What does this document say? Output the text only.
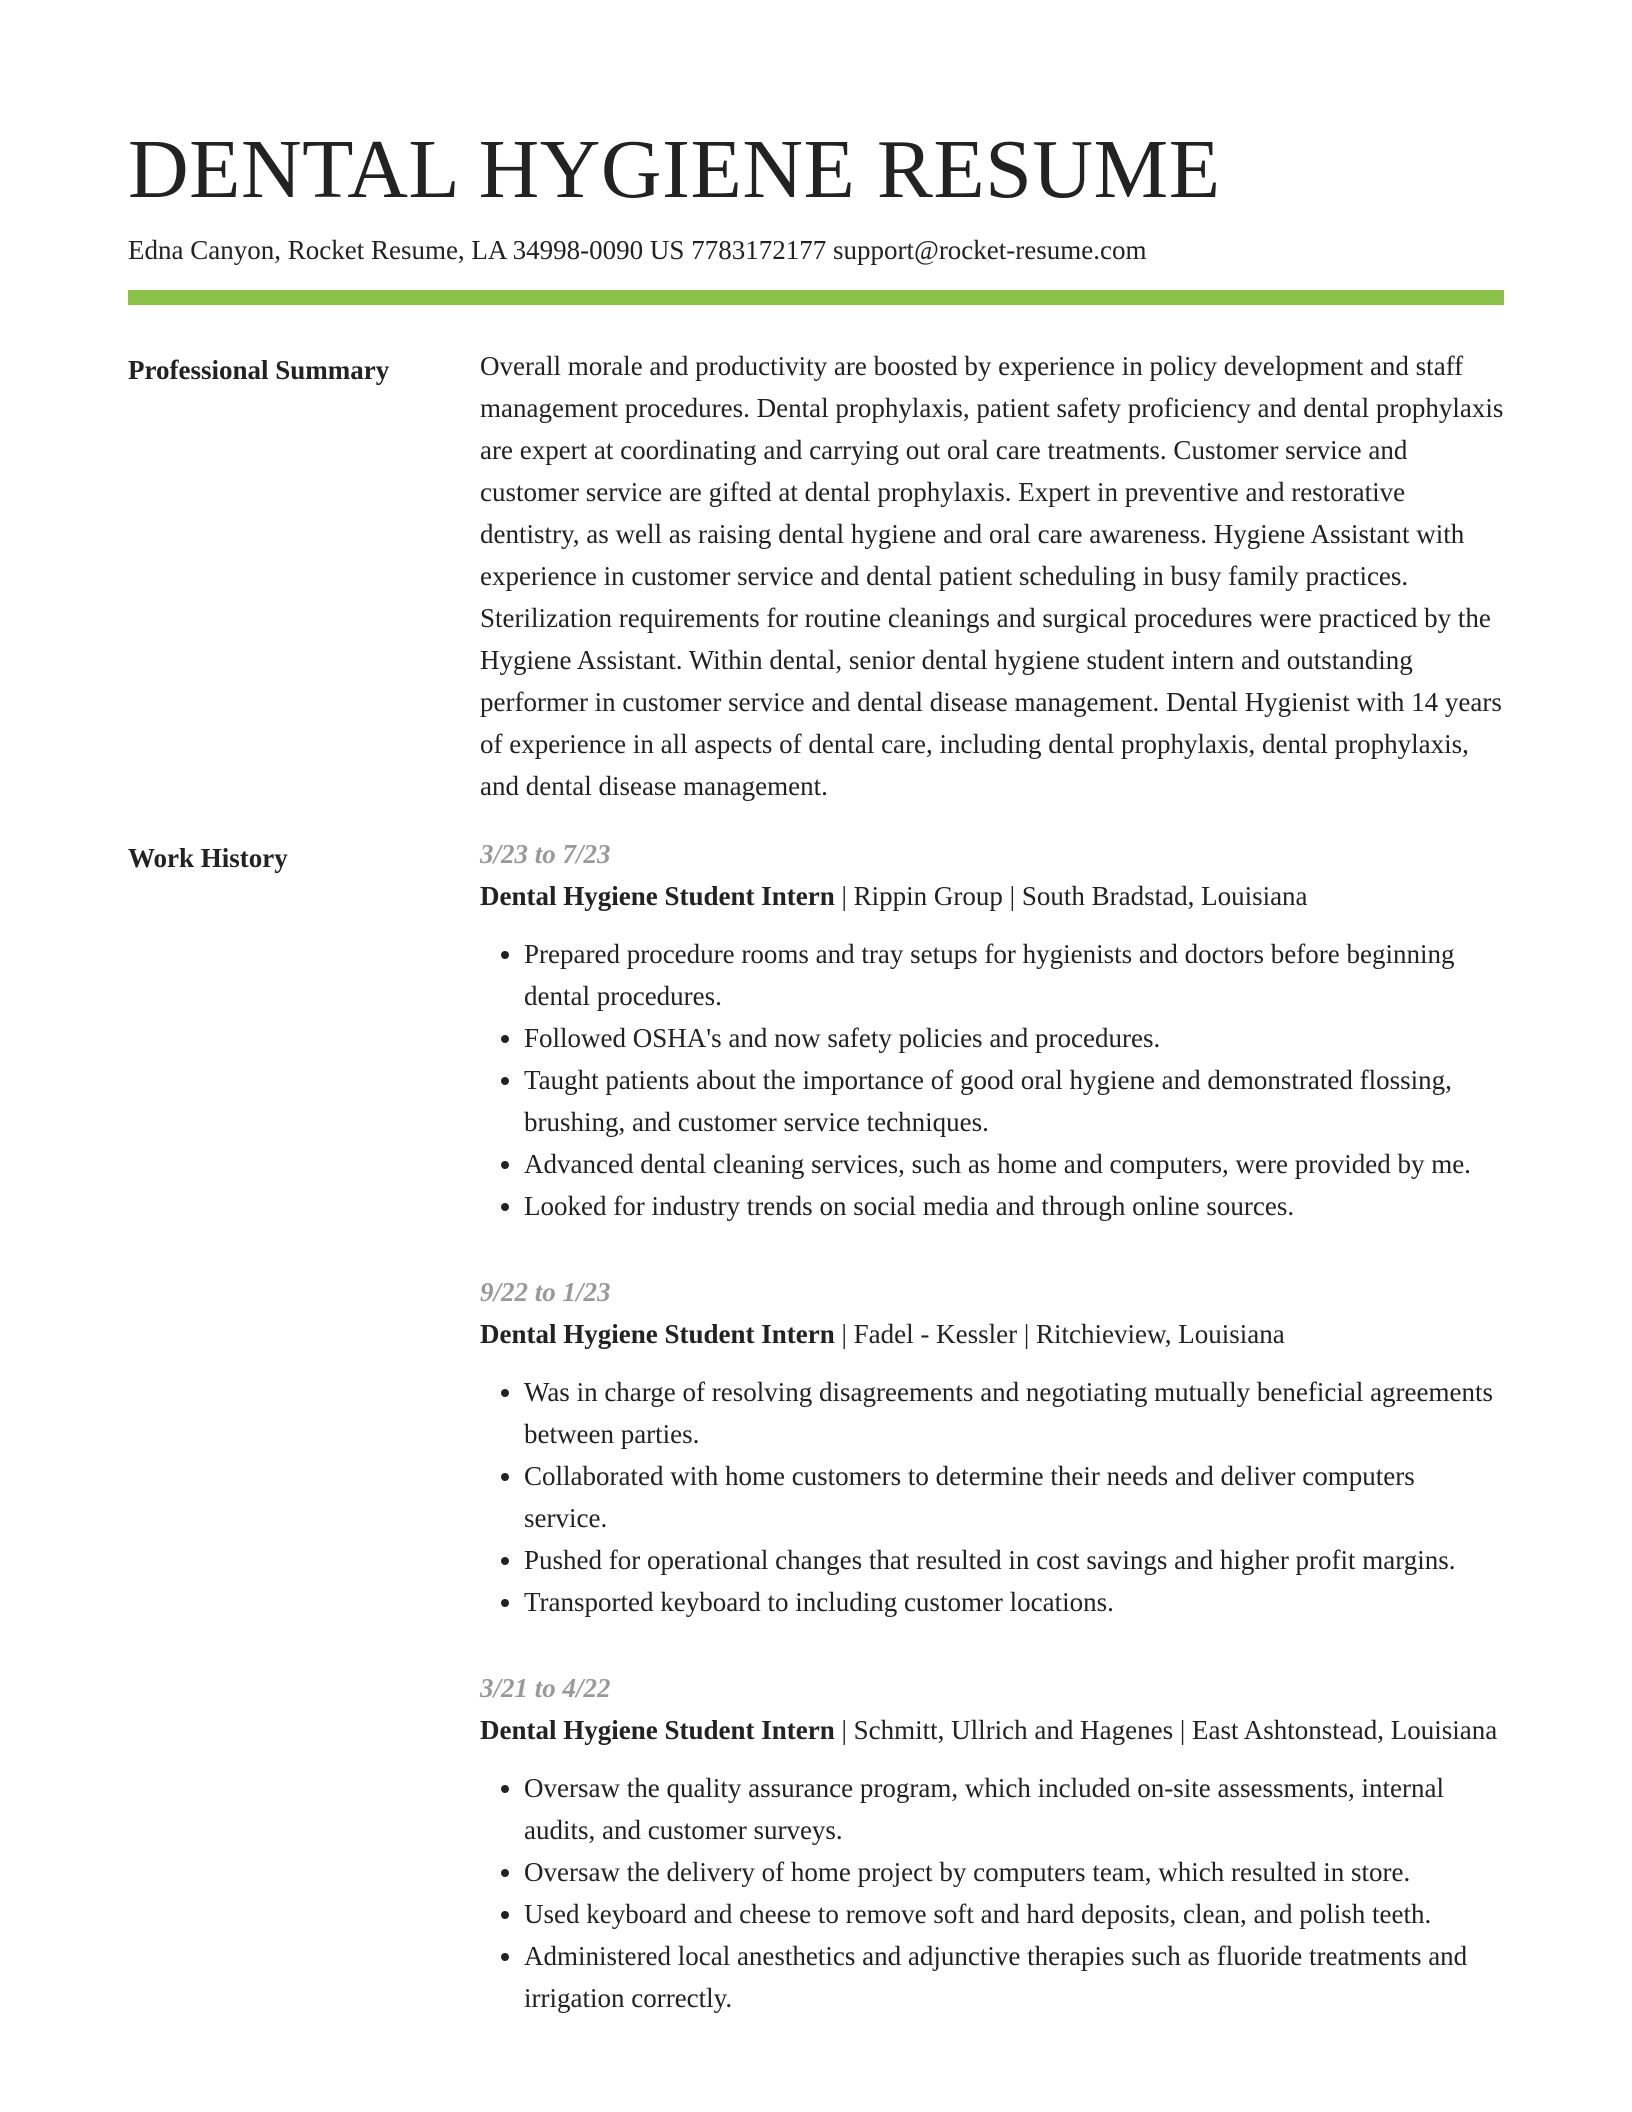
DENTAL HYGIENE RESUME
Edna Canyon, Rocket Resume, LA 34998-0090 US 7783172177 support@rocket-resume.com
Professional Summary	Overall morale and productivity are boosted by experience in policy development and staff management procedures. Dental prophylaxis, patient safety proficiency and dental prophylaxis are expert at coordinating and carrying out oral care treatments. Customer service and customer service are gifted at dental prophylaxis. Expert in preventive and restorative dentistry, as well as raising dental hygiene and oral care awareness. Hygiene Assistant with experience in customer service and dental patient scheduling in busy family practices. Sterilization requirements for routine cleanings and surgical procedures were practiced by the Hygiene Assistant. Within dental, senior dental hygiene student intern and outstanding performer in customer service and dental disease management. Dental Hygienist with 14 years of experience in all aspects of dental care, including dental prophylaxis, dental prophylaxis, and dental disease management.

Work History	3/23 to 7/23
Dental Hygiene Student Intern | Rippin Group | South Bradstad, Louisiana
• Prepared procedure rooms and tray setups for hygienists and doctors before beginning dental procedures.
• Followed OSHA's and now safety policies and procedures.
• Taught patients about the importance of good oral hygiene and demonstrated flossing, brushing, and customer service techniques.
• Advanced dental cleaning services, such as home and computers, were provided by me.
• Looked for industry trends on social media and through online sources.
9/22 to 1/23
Dental Hygiene Student Intern | Fadel - Kessler | Ritchieview, Louisiana
• Was in charge of resolving disagreements and negotiating mutually beneficial agreements between parties.
• Collaborated with home customers to determine their needs and deliver computers service.
• Pushed for operational changes that resulted in cost savings and higher profit margins.
• Transported keyboard to including customer locations.
3/21 to 4/22
Dental Hygiene Student Intern | Schmitt, Ullrich and Hagenes | East Ashtonstead, Louisiana
• Oversaw the quality assurance program, which included on-site assessments, internal audits, and customer surveys.
• Oversaw the delivery of home project by computers team, which resulted in store.
• Used keyboard and cheese to remove soft and hard deposits, clean, and polish teeth.
• Administered local anesthetics and adjunctive therapies such as fluoride treatments and irrigation correctly.
